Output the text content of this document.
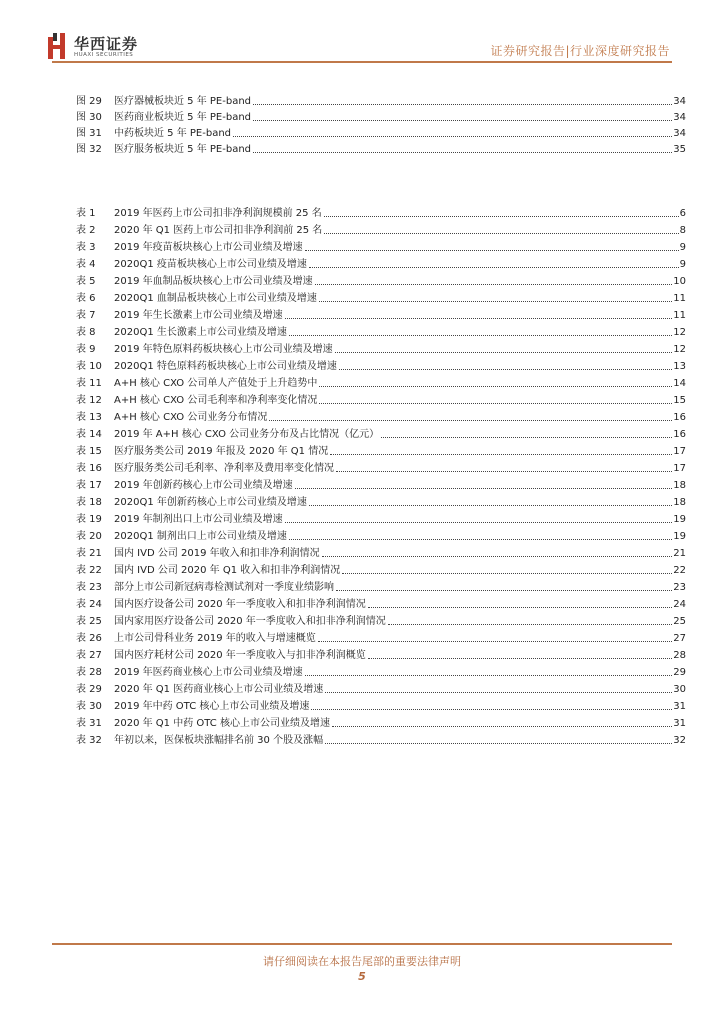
华西证券
HUAXI SECURITIES	证券研究报告|行业深度研究报告
图 29	医疗器械板块近 5 年 PE-band	34
图 30	医药商业板块近 5 年 PE-band	34
图 31	中药板块近 5 年 PE-band	34
图 32	医疗服务板块近 5 年 PE-band	35
表 1	2019 年医药上市公司扣非净利润规模前 25 名	6
表 2	2020 年 Q1 医药上市公司扣非净利润前 25 名	8
表 3	2019 年疫苗板块核心上市公司业绩及增速	9
表 4	2020Q1 疫苗板块核心上市公司业绩及增速	9
表 5	2019 年血制品板块核心上市公司业绩及增速	10
表 6	2020Q1 血制品板块核心上市公司业绩及增速	11
表 7	2019 年生长激素上市公司业绩及增速	11
表 8	2020Q1 生长激素上市公司业绩及增速	12
表 9	2019 年特色原料药板块核心上市公司业绩及增速	12
表 10	2020Q1 特色原料药板块核心上市公司业绩及增速	13
表 11	A+H 核心 CXO 公司单人产值处于上升趋势中	14
表 12	A+H 核心 CXO 公司毛利率和净利率变化情况	15
表 13	A+H 核心 CXO 公司业务分布情况	16
表 14	2019 年 A+H 核心 CXO 公司业务分布及占比情况（亿元）	16
表 15	医疗服务类公司 2019 年报及 2020 年 Q1 情况	17
表 16	医疗服务类公司毛利率、净利率及费用率变化情况	17
表 17	2019 年创新药核心上市公司业绩及增速	18
表 18	2020Q1 年创新药核心上市公司业绩及增速	18
表 19	2019 年制剂出口上市公司业绩及增速	19
表 20	2020Q1 制剂出口上市公司业绩及增速	19
表 21	国内 IVD 公司 2019 年收入和扣非净利润情况	21
表 22	国内 IVD 公司 2020 年 Q1 收入和扣非净利润情况	22
表 23	部分上市公司新冠病毒检测试剂对一季度业绩影响	23
表 24	国内医疗设备公司 2020 年一季度收入和扣非净利润情况	24
表 25	国内家用医疗设备公司 2020 年一季度收入和扣非净利润情况	25
表 26	上市公司骨科业务 2019 年的收入与增速概览	27
表 27	国内医疗耗材公司 2020 年一季度收入与扣非净利润概览	28
表 28	2019 年医药商业核心上市公司业绩及增速	29
表 29	2020 年 Q1 医药商业核心上市公司业绩及增速	30
表 30	2019 年中药 OTC 核心上市公司业绩及增速	31
表 31	2020 年 Q1 中药 OTC 核心上市公司业绩及增速	31
表 32	年初以来，医保板块涨幅排名前 30 个股及涨幅	32
请仔细阅读在本报告尾部的重要法律声明
5
